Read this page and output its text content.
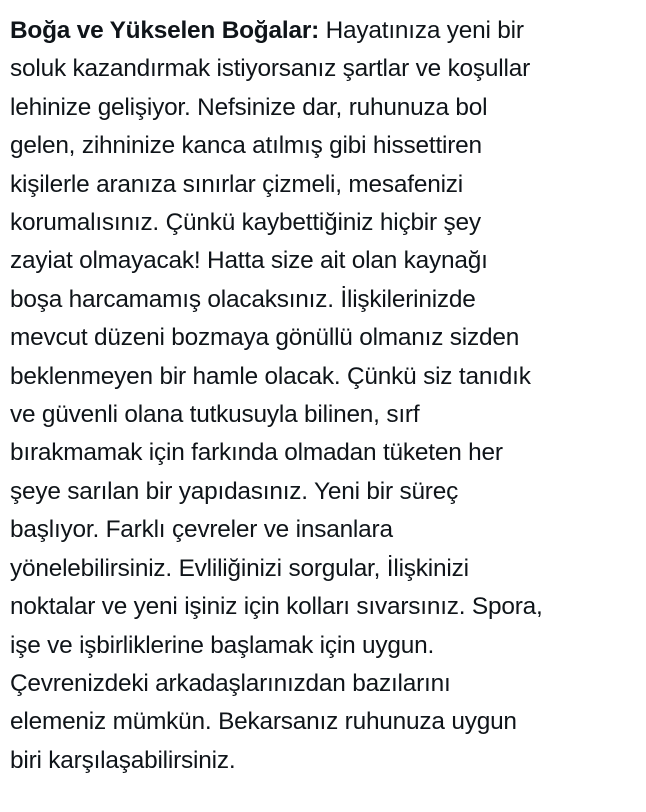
Boğa ve Yükselen Boğalar: Hayatınıza yeni bir
soluk kazandırmak istiyorsanız şartlar ve koşullar
lehinize gelişiyor. Nefsinize dar, ruhunuza bol
gelen, zihninize kanca atılmış gibi hissettiren
kişilerle aranıza sınırlar çizmeli, mesafenizi
korumalısınız. Çünkü kaybettiğiniz hiçbir şey
zayiat olmayacak! Hatta size ait olan kaynağı
boşa harcamamış olacaksınız. İlişkilerinizde
mevcut düzeni bozmaya gönüllü olmanız sizden
beklenmeyen bir hamle olacak. Çünkü siz tanıdık
ve güvenli olana tutkusuyla bilinen, sırf
bırakmamak için farkında olmadan tüketen her
şeye sarılan bir yapıdasınız. Yeni bir süreç
başlıyor. Farklı çevreler ve insanlara
yönelebilirsiniz. Evliliğinizi sorgular, İlişkinizi
noktalar ve yeni işiniz için kolları sıvarsınız. Spora,
işe ve işbirliklerine başlamak için uygun.
Çevrenizdeki arkadaşlarınızdan bazılarını
elemeniz mümkün. Bekarsanız ruhunuza uygun
biri karşılaşabilirsiniz.
